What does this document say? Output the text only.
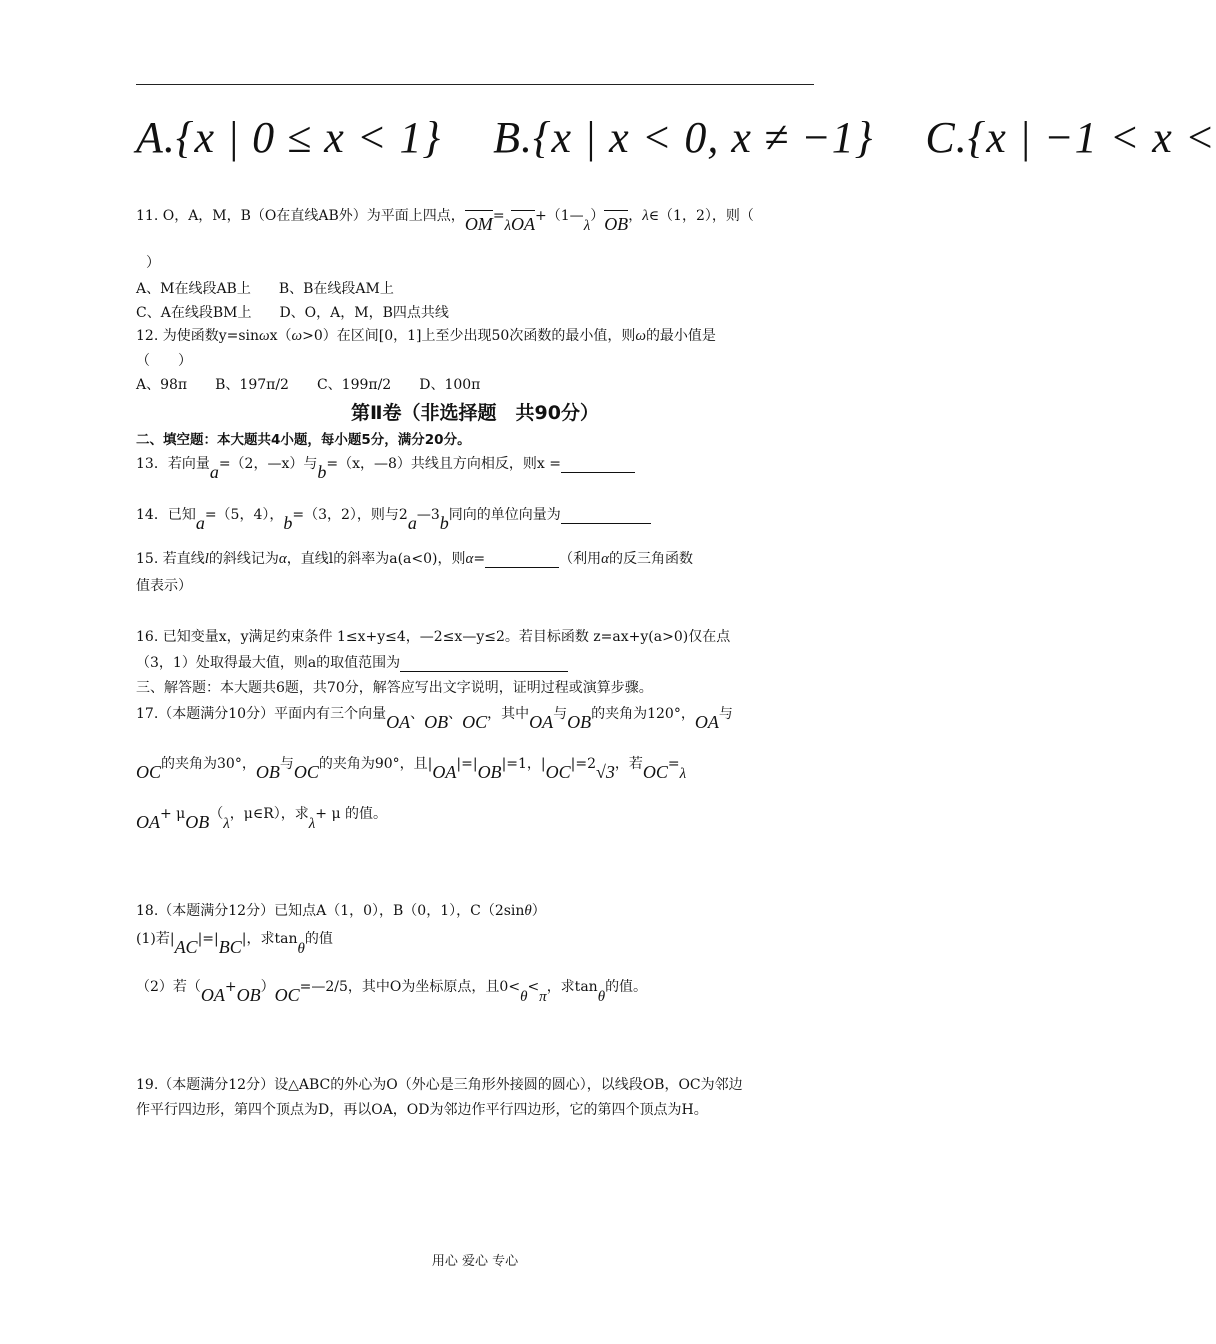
A.{x | 0 ≤ x < 1} B.{x | x < 0, x ≠ −1} C.{x | −1 < x <
11. O，A，M，B（O在直线AB外）为平面上四点，OM=λOA+（1—λ）OB，λ∈（1，2），则（
）
A、M在线段AB上　　B、B在线段AM上
C、A在线段BM上　　D、O，A，M，B四点共线
12. 为使函数y=sinωx（ω>0）在区间[0，1]上至少出现50次函数的最小值，则ω的最小值是
（　　）
A、98π　　B、197π/2　　C、199π/2　　D、100π
第Ⅱ卷（非选择题　共90分）
二、填空题：本大题共4小题，每小题5分，满分20分。
13．若向量a=（2，—x）与b=（x，—8）共线且方向相反，则x =
14．已知a=（5，4），b=（3，2），则与2a—3b同向的单位向量为
15. 若直线l的斜线记为α，直线l的斜率为a(a<0)，则α=	（利用α的反三角函数
值表示）
16. 已知变量x，y满足约束条件 1≤x+y≤4，—2≤x—y≤2。若目标函数 z=ax+y(a>0)仅在点
（3，1）处取得最大值，则a的取值范围为
三、解答题：本大题共6题，共70分，解答应写出文字说明，证明过程或演算步骤。
17.（本题满分10分）平面内有三个向量OA、OB、OC，其中OA与OB的夹角为120°，OA与
OC的夹角为30°，OB与OC的夹角为90°，且|OA|=|OB|=1，|OC|=2√3，若OC=λ
OA+ μOB（λ，μ∈R），求λ+ μ 的值。
18.（本题满分12分）已知点A（1，0），B（0，1），C（2sinθ）
(1)若|AC|=|BC|，求tanθ的值
（2）若（OA+OB）OC=—2/5，其中O为坐标原点，且0<θ<π，求tanθ的值。
19.（本题满分12分）设△ABC的外心为O（外心是三角形外接圆的圆心），以线段OB，OC为邻边
作平行四边形，第四个顶点为D，再以OA，OD为邻边作平行四边形，它的第四个顶点为H。
用心 爱心 专心
